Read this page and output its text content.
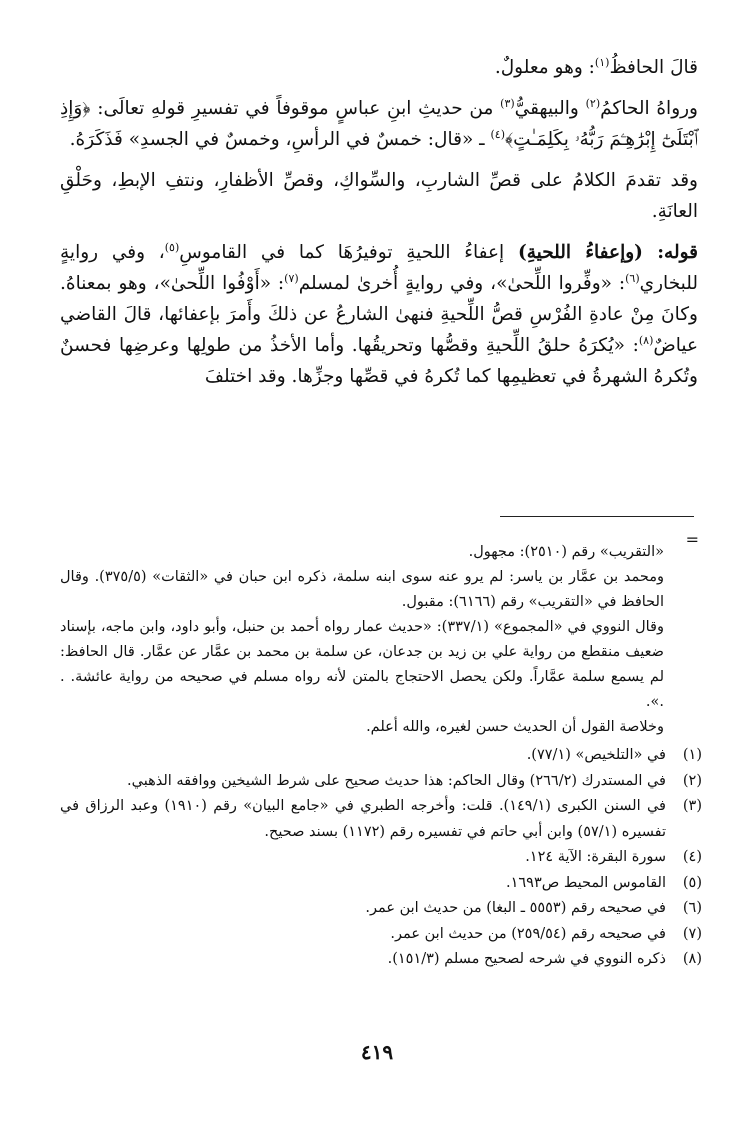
قالَ الحافظُ$^{(١)}$: وهو معلولٌ.

ورواهُ الحاكمُ$^{(٢)}$ والبيهقيُّ$^{(٣)}$ من حديثِ ابنِ عباسٍ موقوفاً في تفسيرِ قولهِ تعالَى: ﴿وَإِذِ ٱبْتَلَىٰٓ إِبْرَٰهِـۧمَ رَبُّهُۥ بِكَلِمَـٰتٍ﴾$^{(٤)}$ ـ «قال: خمسٌ في الرأسِ، وخمسٌ في الجسدِ» فَذَكَرَهُ.

وقد تقدمَ الكلامُ على قصِّ الشاربِ، والسِّواكِ، وقصِّ الأظفارِ، ونتفِ الإبطِ، وحَلْقِ العانَةِ.

قوله: (وإعفاءُ اللحيةِ) إعفاءُ اللحيةِ توفيرُهَا كما في القاموسِ$^{(٥)}$، وفي روايةٍ للبخاري$^{(٦)}$: «وفِّروا اللِّحىٰ»، وفي روايةٍ أُخرىٰ لمسلم$^{(٧)}$: «أَوْفُوا اللِّحىٰ»، وهو بمعناهُ. وكانَ مِنْ عادةِ الفُرْسِ قصُّ اللِّحيةِ فنهىٰ الشارعُ عن ذلكَ وأَمرَ بإعفائها، قالَ القاضي عياضٌ$^{(٨)}$: «يُكرَهُ حلقُ اللِّحيةِ وقصُّها وتحريقُها. وأما الأخذُ من طولِها وعرضِها فحسنٌ وتُكرهُ الشهرةُ في تعظيمِها كما تُكرهُ في قصِّها وجزِّها. وقد اختلفَ

=

«التقريب» رقم (٢٥١٠): مجهول.

ومحمد بن عمَّار بن ياسر: لم يرو عنه سوى ابنه سلمة، ذكره ابن حبان في «الثقات» (٣٧٥/٥). وقال الحافظ في «التقريب» رقم (٦١٦٦): مقبول.

وقال النووي في «المجموع» (٣٣٧/١): «حديث عمار رواه أحمد بن حنبل، وأبو داود، وابن ماجه، بإسناد ضعيف منقطع من رواية علي بن زيد بن جدعان، عن سلمة بن محمد بن عمَّار عن عمَّار. قال الحافظ: لم يسمع سلمة عمَّاراً. ولكن يحصل الاحتجاج بالمتن لأنه رواه مسلم في صحيحه من رواية عائشة. . .».

وخلاصة القول أن الحديث حسن لغيره، والله أعلم.

(١)
في «التلخيص» (٧٧/١).
(٢)
في المستدرك (٢٦٦/٢) وقال الحاكم: هذا حديث صحيح على شرط الشيخين ووافقه الذهبي.
(٣)
في السنن الكبرى (١٤٩/١). قلت: وأخرجه الطبري في «جامع البيان» رقم (١٩١٠) وعبد الرزاق في تفسيره (٥٧/١) وابن أبي حاتم في تفسيره رقم (١١٧٢) بسند صحيح.
(٤)
سورة البقرة: الآية ١٢٤.
(٥)
القاموس المحيط ص١٦٩٣.
(٦)
في صحيحه رقم (٥٥٥٣ ـ البغا) من حديث ابن عمر.
(٧)
في صحيحه رقم (٢٥٩/٥٤) من حديث ابن عمر.
(٨)
ذكره النووي في شرحه لصحيح مسلم (١٥١/٣).
٤١٩
